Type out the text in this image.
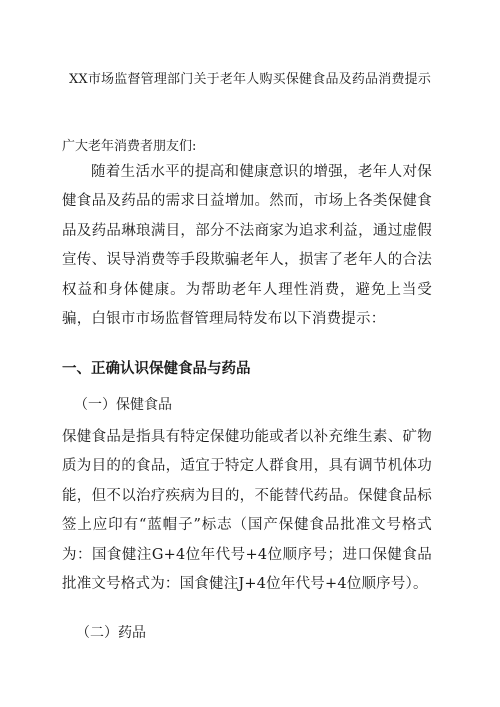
XX市场监督管理部门关于老年人购买保健食品及药品消费提示
广大老年消费者朋友们:
随着生活水平的提高和健康意识的增强，老年人对保健食品及药品的需求日益增加。然而，市场上各类保健食品及药品琳琅满目，部分不法商家为追求利益，通过虚假宣传、误导消费等手段欺骗老年人，损害了老年人的合法权益和身体健康。为帮助老年人理性消费，避免上当受骗，白银市市场监督管理局特发布以下消费提示：
一、正确认识保健食品与药品
（一）保健食品
保健食品是指具有特定保健功能或者以补充维生素、矿物质为目的的食品，适宜于特定人群食用，具有调节机体功能，但不以治疗疾病为目的，不能替代药品。保健食品标签上应印有“蓝帽子”标志（国产保健食品批准文号格式为：国食健注G+4位年代号+4位顺序号；进口保健食品批准文号格式为：国食健注J+4位年代号+4位顺序号）。
（二）药品
